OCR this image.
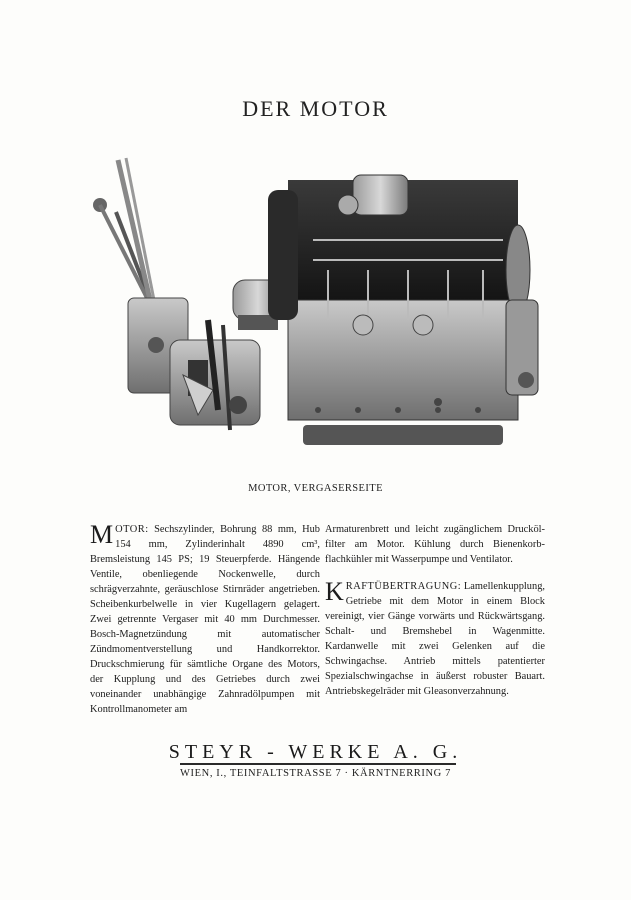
DER MOTOR
MOTOR, VERGASERSEITE

MOTOR: Sechszylinder, Bohrung 88 mm, Hub 154 mm, Zylinderinhalt 4890 cm³, Bremsleistung 145 PS; 19 Steuerpferde. Hängende Ventile, obenliegende Nockenwelle, durch schrägverzahnte, geräuschlose Stirnräder angetrieben. Scheibenkurbelwelle in vier Kugellagern gelagert. Zwei getrennte Vergaser mit 40 mm Durchmesser. Bosch-Magnetzündung mit automatischer Zündmomentverstellung und Handkorrektor. Druckschmierung für sämtliche Organe des Motors, der Kupplung und des Getriebes durch zwei voneinander unabhängige Zahnradölpumpen mit Kontrollmanometer am

Armaturenbrett und leicht zugänglichem Druckölfilter am Motor. Kühlung durch Bienenkorbflachkühler mit Wasserpumpe und Ventilator.

KRAFTÜBERTRAGUNG: Lamellenkupplung, Getriebe mit dem Motor in einem Block vereinigt, vier Gänge vorwärts und Rückwärtsgang. Schalt- und Bremshebel in Wagenmitte. Kardanwelle mit zwei Gelenken auf die Schwingachse. Antrieb mittels patentierter Spezialschwingachse in äußerst robuster Bauart. Antriebskegelräder mit Gleasonverzahnung.

STEYR - WERKE A. G.
WIEN, I., TEINFALTSTRASSE 7 · KÄRNTNERRING 7
